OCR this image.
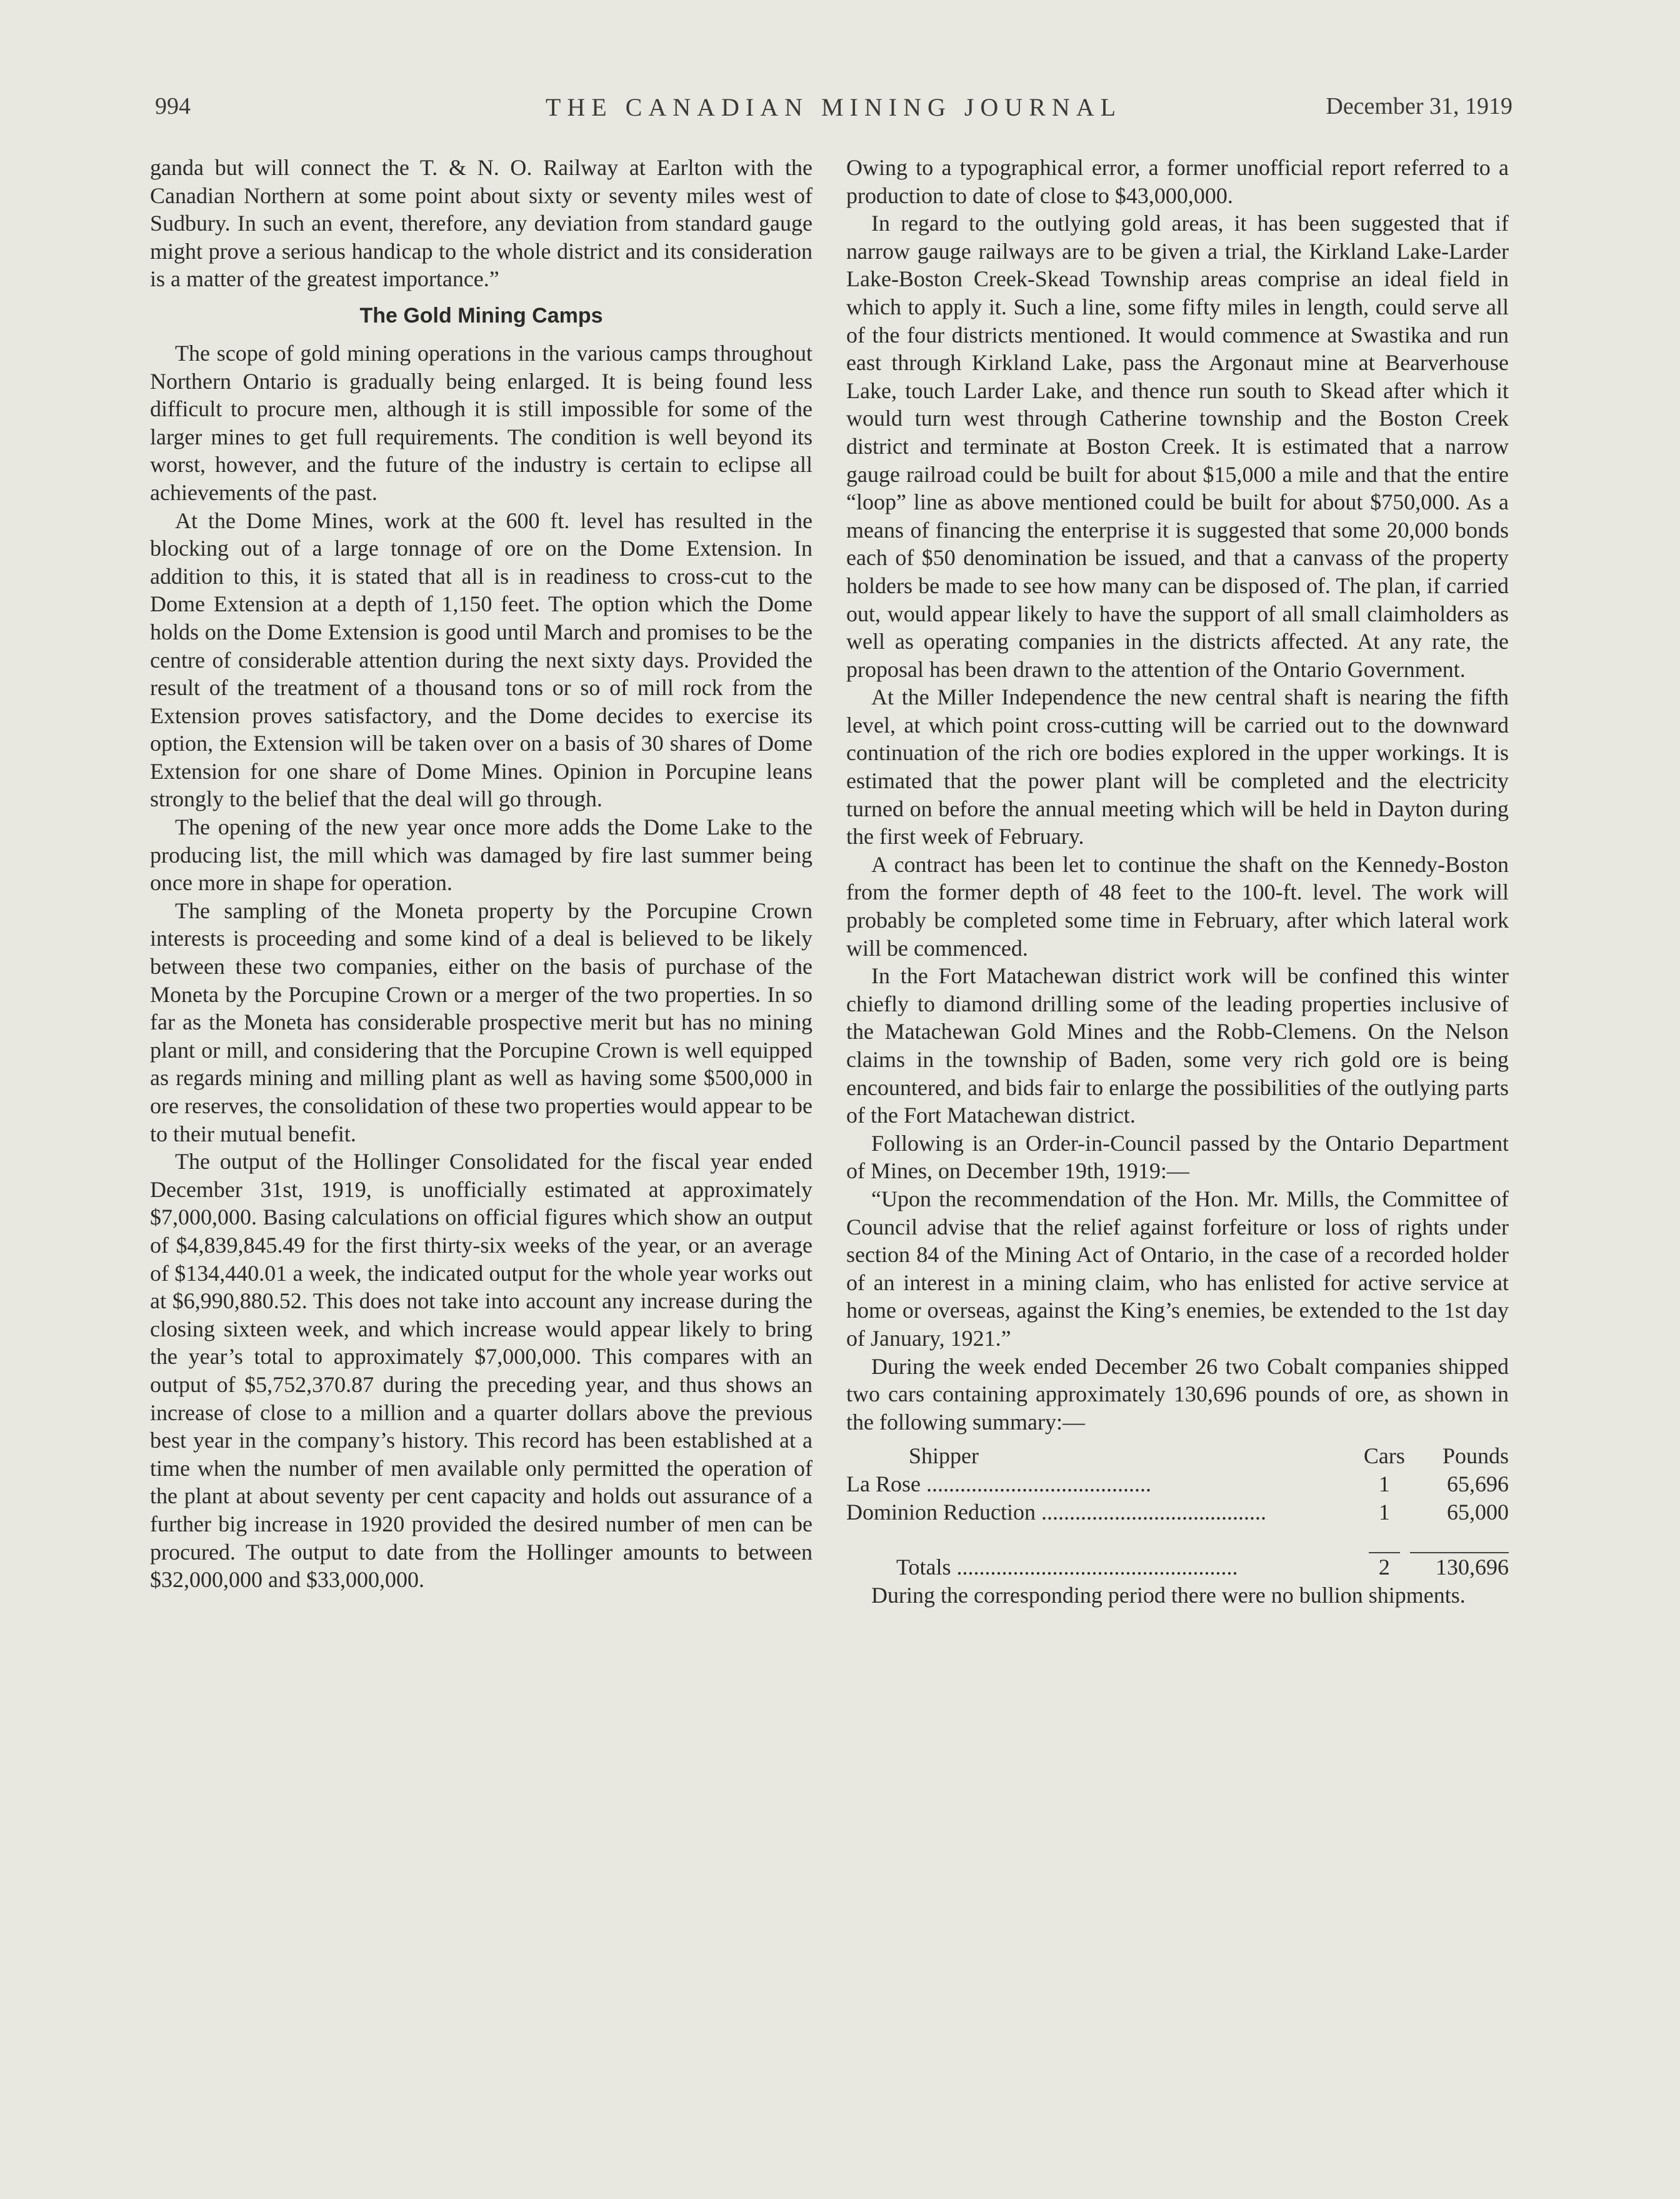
994	THE CANADIAN MINING JOURNAL	December 31, 1919

ganda but will connect the T. & N. O. Railway at Earlton with the Canadian Northern at some point about sixty or seventy miles west of Sudbury. In such an event, therefore, any deviation from standard gauge might prove a serious handicap to the whole district and its consideration is a matter of the greatest importance.”

The Gold Mining Camps

The scope of gold mining operations in the various camps throughout Northern Ontario is gradually being enlarged. It is being found less difficult to procure men, although it is still impossible for some of the larger mines to get full requirements. The condition is well beyond its worst, however, and the future of the industry is certain to eclipse all achievements of the past.

At the Dome Mines, work at the 600 ft. level has resulted in the blocking out of a large tonnage of ore on the Dome Extension. In addition to this, it is stated that all is in readiness to cross-cut to the Dome Extension at a depth of 1,150 feet. The option which the Dome holds on the Dome Extension is good until March and promises to be the centre of considerable attention during the next sixty days. Provided the result of the treatment of a thousand tons or so of mill rock from the Extension proves satisfactory, and the Dome decides to exercise its option, the Extension will be taken over on a basis of 30 shares of Dome Extension for one share of Dome Mines. Opinion in Porcupine leans strongly to the belief that the deal will go through.

The opening of the new year once more adds the Dome Lake to the producing list, the mill which was damaged by fire last summer being once more in shape for operation.

The sampling of the Moneta property by the Porcupine Crown interests is proceeding and some kind of a deal is believed to be likely between these two companies, either on the basis of purchase of the Moneta by the Porcupine Crown or a merger of the two properties. In so far as the Moneta has considerable prospective merit but has no mining plant or mill, and considering that the Porcupine Crown is well equipped as regards mining and milling plant as well as having some $500,000 in ore reserves, the consolidation of these two properties would appear to be to their mutual benefit.

The output of the Hollinger Consolidated for the fiscal year ended December 31st, 1919, is unofficially estimated at approximately $7,000,000. Basing calculations on official figures which show an output of $4,839,845.49 for the first thirty-six weeks of the year, or an average of $134,440.01 a week, the indicated output for the whole year works out at $6,990,880.52. This does not take into account any increase during the closing sixteen week, and which increase would appear likely to bring the year’s total to approximately $7,000,000. This compares with an output of $5,752,370.87 during the preceding year, and thus shows an increase of close to a million and a quarter dollars above the previous best year in the company’s history. This record has been established at a time when the number of men available only permitted the operation of the plant at about seventy per cent capacity and holds out assurance of a further big increase in 1920 provided the desired number of men can be procured. The output to date from the Hollinger amounts to between $32,000,000 and $33,000,000.

Owing to a typographical error, a former unofficial report referred to a production to date of close to $43,000,000.

In regard to the outlying gold areas, it has been suggested that if narrow gauge railways are to be given a trial, the Kirkland Lake-Larder Lake-Boston Creek-Skead Township areas comprise an ideal field in which to apply it. Such a line, some fifty miles in length, could serve all of the four districts mentioned. It would commence at Swastika and run east through Kirkland Lake, pass the Argonaut mine at Bearverhouse Lake, touch Larder Lake, and thence run south to Skead after which it would turn west through Catherine township and the Boston Creek district and terminate at Boston Creek. It is estimated that a narrow gauge railroad could be built for about $15,000 a mile and that the entire “loop” line as above mentioned could be built for about $750,000. As a means of financing the enterprise it is suggested that some 20,000 bonds each of $50 denomination be issued, and that a canvass of the property holders be made to see how many can be disposed of. The plan, if carried out, would appear likely to have the support of all small claimholders as well as operating companies in the districts affected. At any rate, the proposal has been drawn to the attention of the Ontario Government.

At the Miller Independence the new central shaft is nearing the fifth level, at which point cross-cutting will be carried out to the downward continuation of the rich ore bodies explored in the upper workings. It is estimated that the power plant will be completed and the electricity turned on before the annual meeting which will be held in Dayton during the first week of February.

A contract has been let to continue the shaft on the Kennedy-Boston from the former depth of 48 feet to the 100-ft. level. The work will probably be completed some time in February, after which lateral work will be commenced.

In the Fort Matachewan district work will be confined this winter chiefly to diamond drilling some of the leading properties inclusive of the Matachewan Gold Mines and the Robb-Clemens. On the Nelson claims in the township of Baden, some very rich gold ore is being encountered, and bids fair to enlarge the possibilities of the outlying parts of the Fort Matachewan district.

Following is an Order-in-Council passed by the Ontario Department of Mines, on December 19th, 1919:—

“Upon the recommendation of the Hon. Mr. Mills, the Committee of Council advise that the relief against forfeiture or loss of rights under section 84 of the Mining Act of Ontario, in the case of a recorded holder of an interest in a mining claim, who has enlisted for active service at home or overseas, against the King’s enemies, be extended to the 1st day of January, 1921.”

During the week ended December 26 two Cobalt companies shipped two cars containing approximately 130,696 pounds of ore, as shown in the following summary:—

Shipper	Cars	Pounds
La Rose ........................................	1	65,696
Dominion Reduction ........................................	1	65,000

Totals ..................................................	2	130,696

During the corresponding period there were no bullion shipments.
